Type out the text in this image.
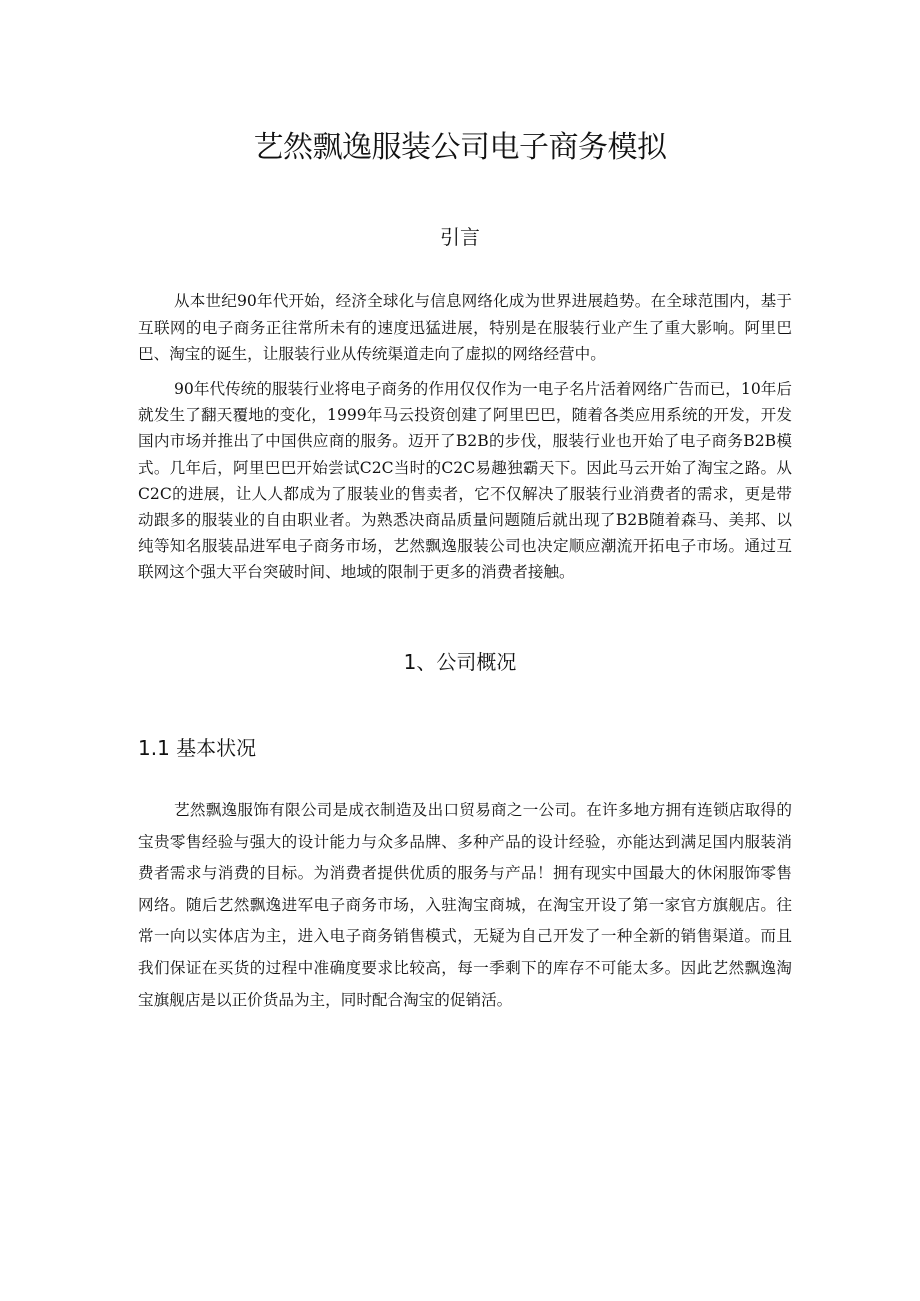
艺然飘逸服装公司电子商务模拟
引言

从本世纪90年代开始，经济全球化与信息网络化成为世界进展趋势。在全球范围内，基于互联网的电子商务正往常所未有的速度迅猛进展，特别是在服装行业产生了重大影响。阿里巴巴、淘宝的诞生，让服装行业从传统渠道走向了虚拟的网络经营中。

90年代传统的服装行业将电子商务的作用仅仅作为一电子名片活着网络广告而已，10年后就发生了翻天覆地的变化，1999年马云投资创建了阿里巴巴，随着各类应用系统的开发，开发国内市场并推出了中国供应商的服务。迈开了B2B的步伐，服装行业也开始了电子商务B2B模式。几年后，阿里巴巴开始尝试C2C当时的C2C易趣独霸天下。因此马云开始了淘宝之路。从C2C的进展，让人人都成为了服装业的售卖者，它不仅解决了服装行业消费者的需求，更是带动跟多的服装业的自由职业者。为熟悉决商品质量问题随后就出现了B2B随着森马、美邦、以纯等知名服装品进军电子商务市场，艺然飘逸服装公司也决定顺应潮流开拓电子市场。通过互联网这个强大平台突破时间、地域的限制于更多的消费者接触。

1、公司概况
1.1 基本状况

艺然飘逸服饰有限公司是成衣制造及出口贸易商之一公司。在许多地方拥有连锁店取得的宝贵零售经验与强大的设计能力与众多品牌、多种产品的设计经验，亦能达到满足国内服装消费者需求与消费的目标。为消费者提供优质的服务与产品！拥有现实中国最大的休闲服饰零售网络。随后艺然飘逸进军电子商务市场，入驻淘宝商城，在淘宝开设了第一家官方旗舰店。往常一向以实体店为主，进入电子商务销售模式，无疑为自己开发了一种全新的销售渠道。而且我们保证在买货的过程中准确度要求比较高，每一季剩下的库存不可能太多。因此艺然飘逸淘宝旗舰店是以正价货品为主，同时配合淘宝的促销活。
